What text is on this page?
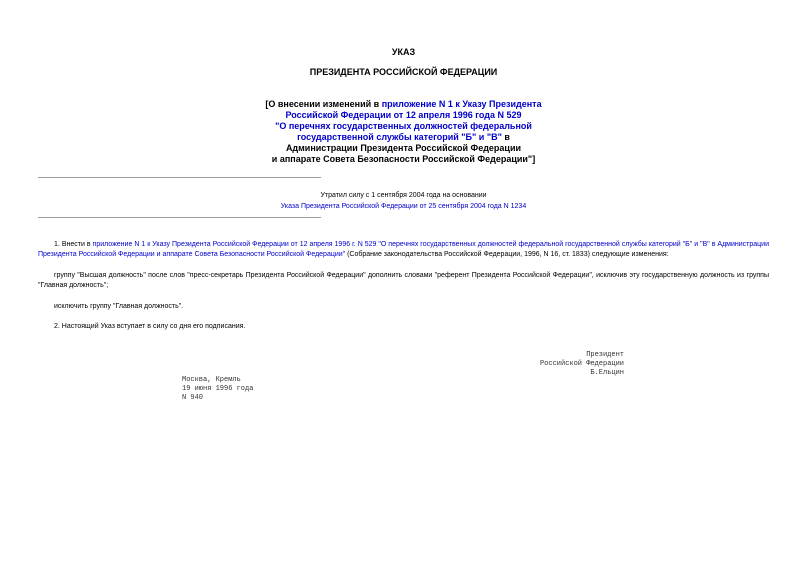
УКАЗ
ПРЕЗИДЕНТА РОССИЙСКОЙ ФЕДЕРАЦИИ
[О внесении изменений в приложение N 1 к Указу Президента
Российской Федерации от 12 апреля 1996 года N 529
"О перечнях государственных должностей федеральной
государственной службы категорий "Б" и "В" в
Администрации Президента Российской Федерации
и аппарате Совета Безопасности Российской Федерации"]
Утратил силу с 1 сентября 2004 года на основании
Указа Президента Российской Федерации от 25 сентября 2004 года N 1234
1. Внести в приложение N 1 к Указу Президента Российской Федерации от 12 апреля 1996 г. N 529 "О перечнях государственных должностей федеральной государственной службы категорий "Б" и "В" в Администрации Президента Российской Федерации и аппарате Совета Безопасности Российской Федерации" (Собрание законодательства Российской Федерации, 1996, N 16, ст. 1833) следующие изменения:
группу "Высшая должность" после слов "пресс-секретарь Президента Российской Федерации" дополнить словами "референт Президента Российской Федерации", исключив эту государственную должность из группы "Главная должность";
исключить группу "Главная должность".
2. Настоящий Указ вступает в силу со дня его подписания.
Президент
Российской Федерации
Б.Ельцин
Москва, Кремль
19 июня 1996 года
N 940
